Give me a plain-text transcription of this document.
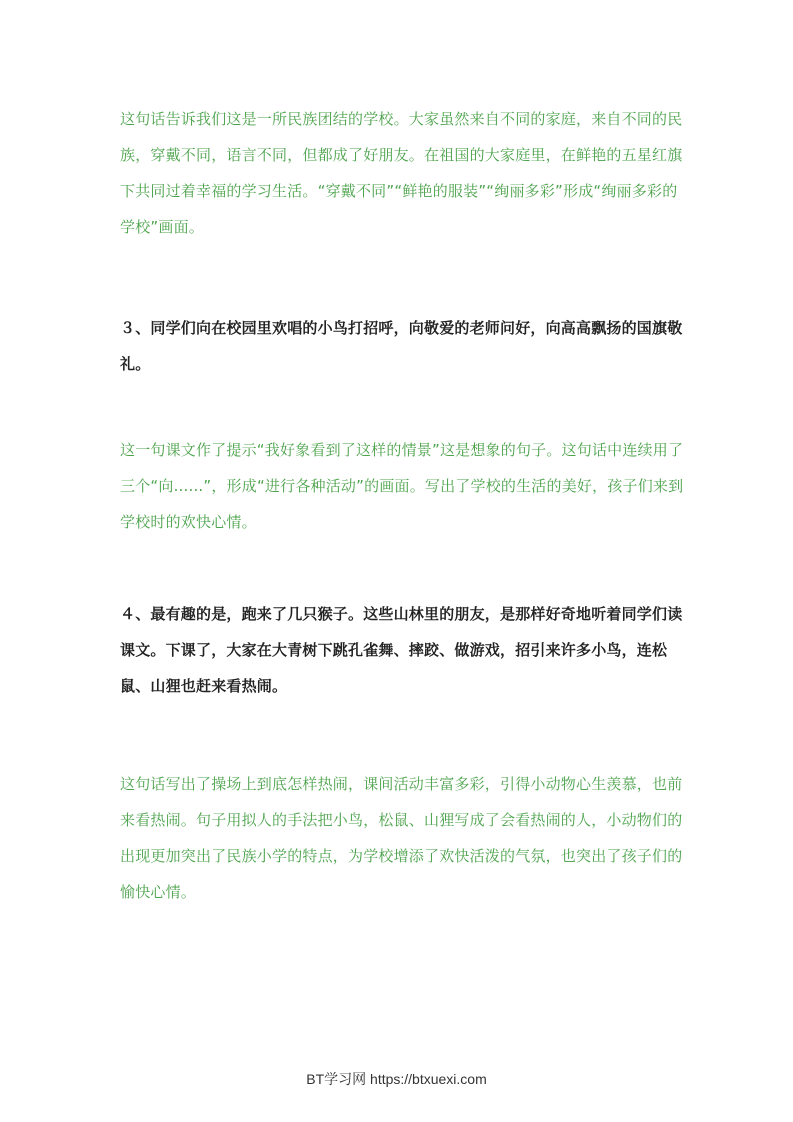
这句话告诉我们这是一所民族团结的学校。大家虽然来自不同的家庭，来自不同的民族，穿戴不同，语言不同，但都成了好朋友。在祖国的大家庭里，在鲜艳的五星红旗下共同过着幸福的学习生活。“穿戴不同”“鲜艳的服装”“绚丽多彩”形成“绚丽多彩的学校”画面。

３、同学们向在校园里欢唱的小鸟打招呼，向敬爱的老师问好，向高高飘扬的国旗敬礼。

这一句课文作了提示“我好象看到了这样的情景”这是想象的句子。这句话中连续用了三个“向......”，形成“进行各种活动”的画面。写出了学校的生活的美好，孩子们来到学校时的欢快心情。

４、最有趣的是，跑来了几只猴子。这些山林里的朋友，是那样好奇地听着同学们读课文。下课了，大家在大青树下跳孔雀舞、摔跤、做游戏，招引来许多小鸟，连松鼠、山狸也赶来看热闹。

这句话写出了操场上到底怎样热闹，课间活动丰富多彩，引得小动物心生羡慕，也前来看热闹。句子用拟人的手法把小鸟，松鼠、山狸写成了会看热闹的人，小动物们的出现更加突出了民族小学的特点，为学校增添了欢快活泼的气氛，也突出了孩子们的愉快心情。

BT学习网 https://btxuexi.com
